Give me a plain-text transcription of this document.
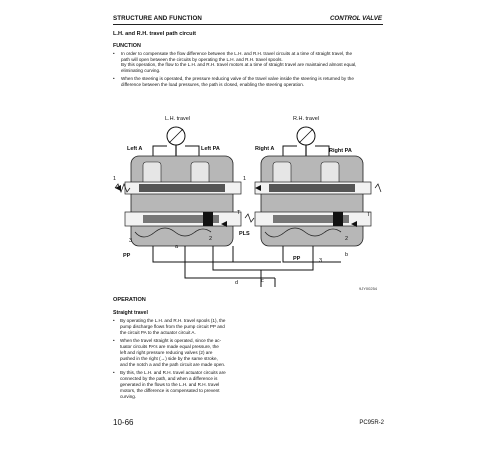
STRUCTURE AND FUNCTION	CONTROL VALVE
L.H. and R.H. travel path circuit
FUNCTION
• In order to compensate the flow difference between the L.H. and R.H. travel circuits at a time of straight travel, the
path will open between the circuits by operating the L.H. and R.H. travel spools.
By this operation, the flow to the L.H. and R.H. travel motors at a time of straight travel are maintained almost equal,
eliminating curving.
• When the steering is operated, the pressure reducing valve of the travel valve inside the steering is returned by the
difference between the load pressures, the path is closed, enabling the steering operation.
L.H. travel	R.H. travel
Left A	Left PA	Right A	Right PA
1	1
T	T
2	2
3
3
PP	PP
PLS
a
b
c
d
9JY00254
OPERATION
Straight travel
• By operating the L.H. and R.H. travel spools (1), the
pump discharge flows from the pump circuit PP and
the circuit PA to the actuator circuit A.
• When the travel straight is operated, since the ac-
tuator circuits PA's are made equal pressure, the
left and right pressure reducing valves (2) are
pushed in the right (→) side by the same stroke,
and the notch a and the path circuit are made open.
• By this, the L.H. and R.H. travel actuator circuits are
connected by the path, and when a difference is
generated in the flows to the L.H. and R.H. travel
motors, the difference is compensated to prevent
curving.
10-66	PC95R-2
